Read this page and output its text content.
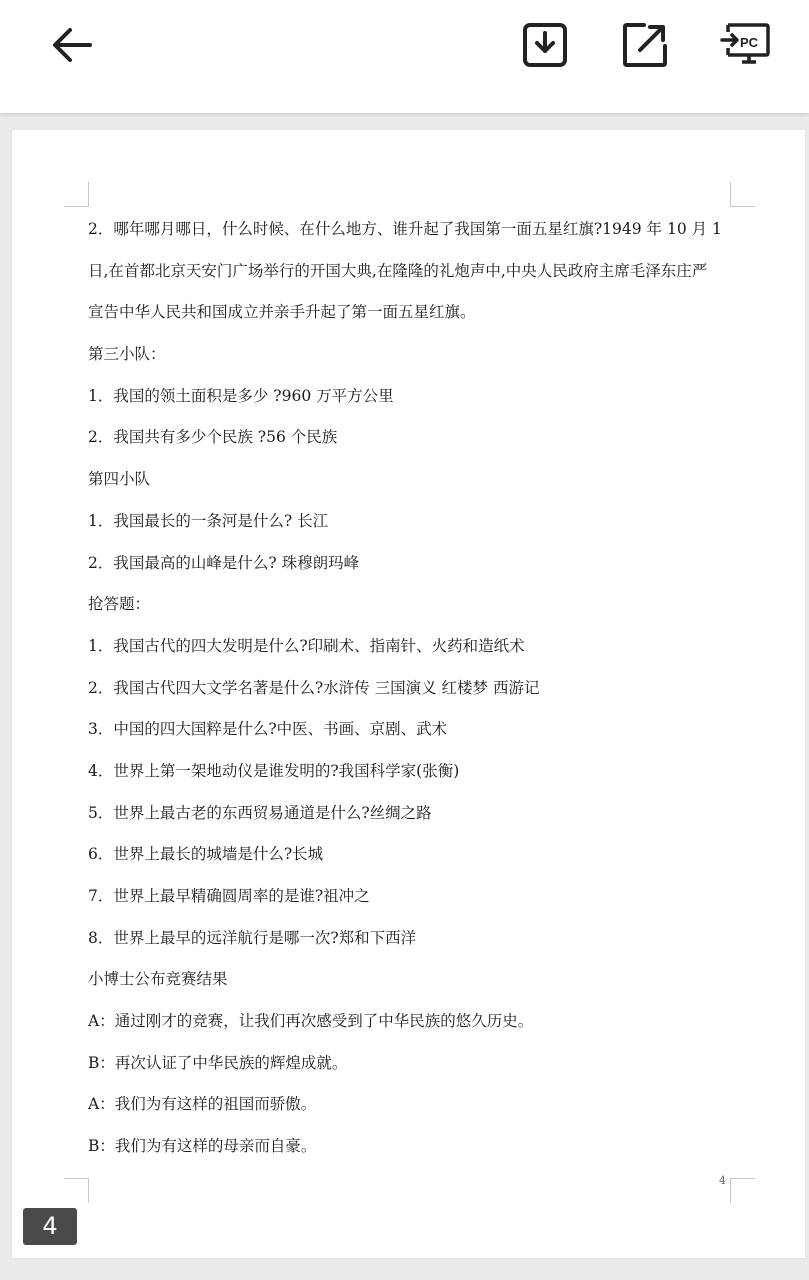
PC
2．哪年哪月哪日，什么时候、在什么地方、谁升起了我国第一面五星红旗?1949 年 10 月 1
日,在首都北京天安门广场举行的开国大典,在隆隆的礼炮声中,中央人民政府主席毛泽东庄严
宣告中华人民共和国成立并亲手升起了第一面五星红旗。
第三小队：
1．我国的领土面积是多少 ?960 万平方公里
2．我国共有多少个民族 ?56 个民族
第四小队
1．我国最长的一条河是什么? 长江
2．我国最高的山峰是什么? 珠穆朗玛峰
抢答题：
1．我国古代的四大发明是什么?印刷术、指南针、火药和造纸术
2．我国古代四大文学名著是什么?水浒传 三国演义 红楼梦 西游记
3．中国的四大国粹是什么?中医、书画、京剧、武术
4．世界上第一架地动仪是谁发明的?我国科学家(张衡)
5．世界上最古老的东西贸易通道是什么?丝绸之路
6．世界上最长的城墙是什么?长城
7．世界上最早精确圆周率的是谁?祖冲之
8．世界上最早的远洋航行是哪一次?郑和下西洋
小博士公布竞赛结果
A：通过刚才的竞赛，让我们再次感受到了中华民族的悠久历史。
B：再次认证了中华民族的辉煌成就。
A：我们为有这样的祖国而骄傲。
B：我们为有这样的母亲而自豪。
4
4
